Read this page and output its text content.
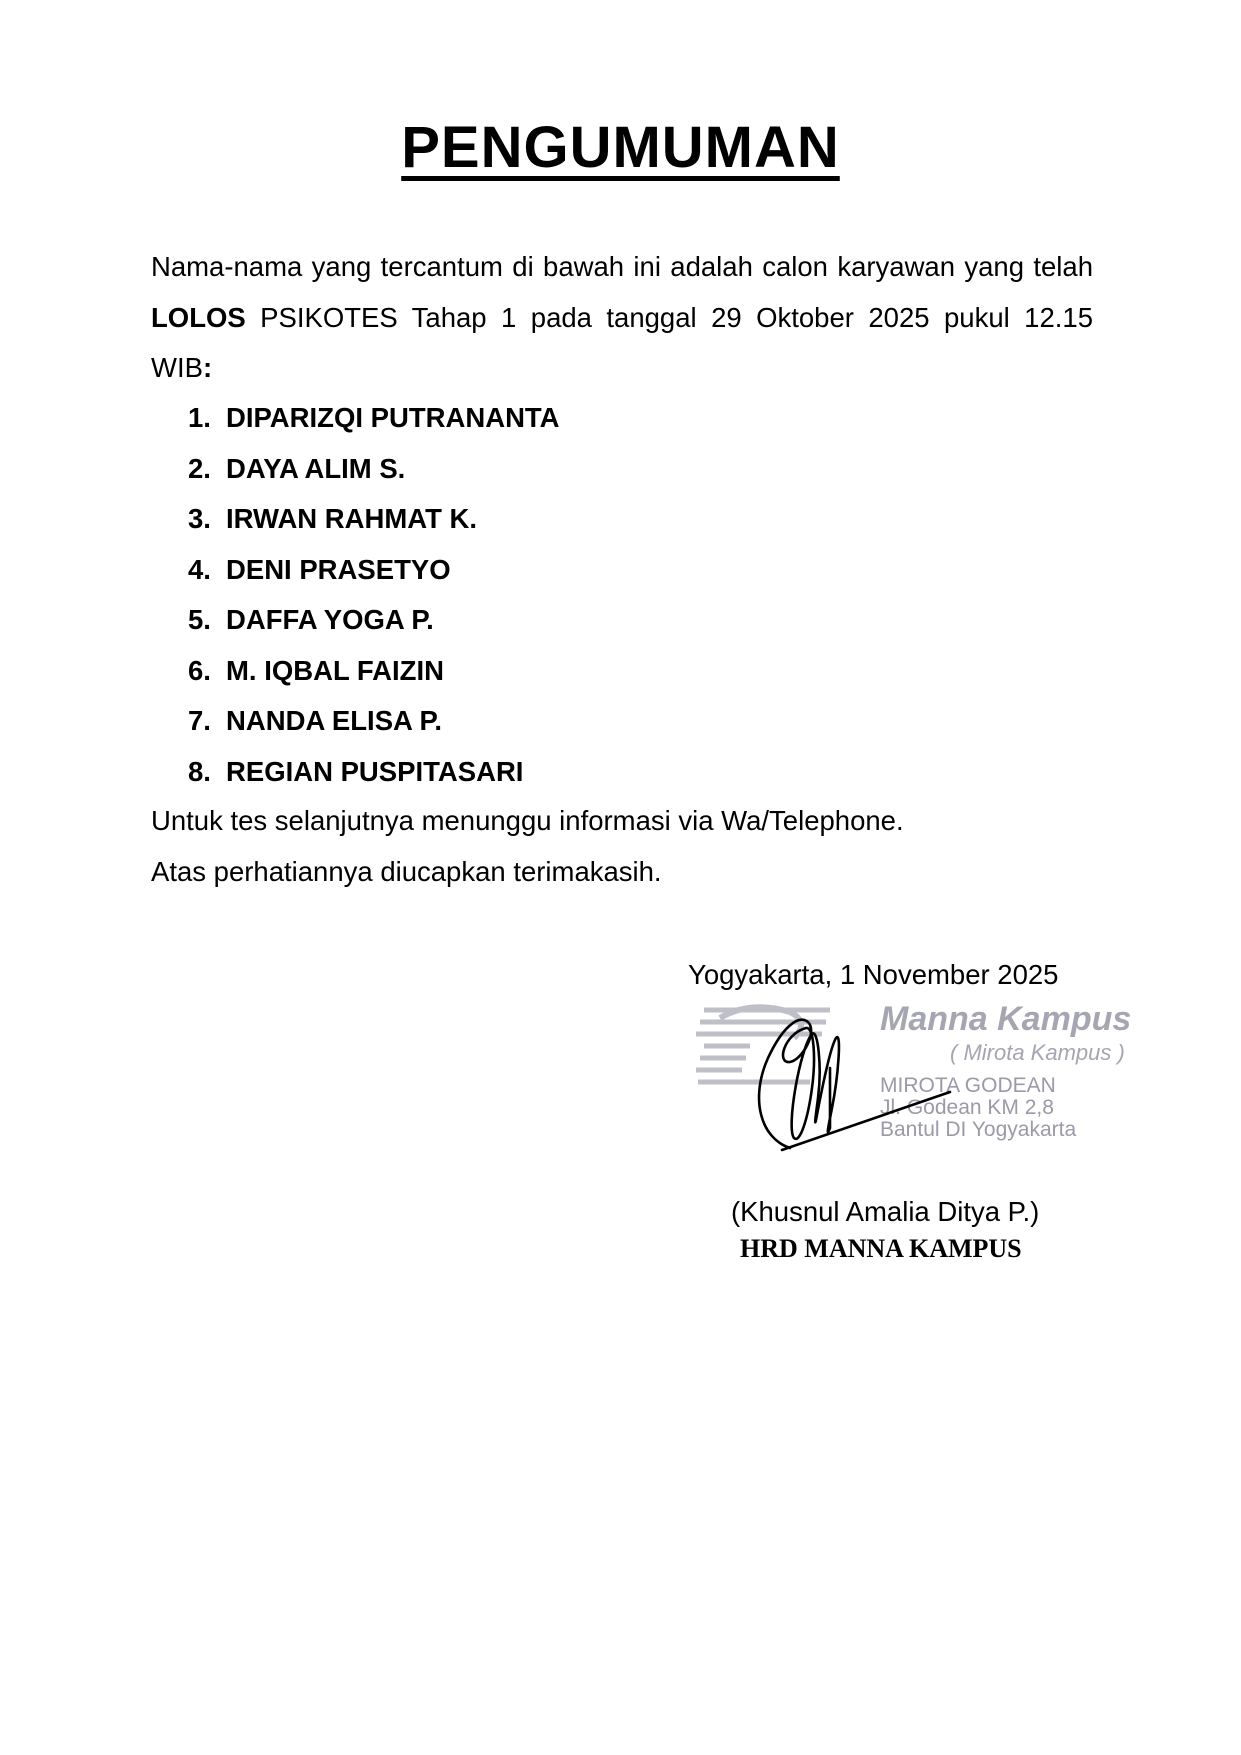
PENGUMUMAN
Nama-nama yang tercantum di bawah ini adalah calon karyawan yang telah LOLOS PSIKOTES Tahap 1 pada tanggal 29 Oktober 2025 pukul 12.15 WIB:
1. DIPARIZQI PUTRANANTA
2. DAYA ALIM S.
3. IRWAN RAHMAT K.
4. DENI PRASETYO
5. DAFFA YOGA P.
6. M. IQBAL FAIZIN
7. NANDA ELISA P.
8. REGIAN PUSPITASARI
Untuk tes selanjutnya menunggu informasi via Wa/Telephone.
Atas perhatiannya diucapkan terimakasih.
Yogyakarta, 1 November 2025
Manna Kampus
( Mirota Kampus )
MIROTA GODEAN
Jl. Godean KM 2,8
Bantul DI Yogyakarta
(Khusnul Amalia Ditya P.)
HRD MANNA KAMPUS
